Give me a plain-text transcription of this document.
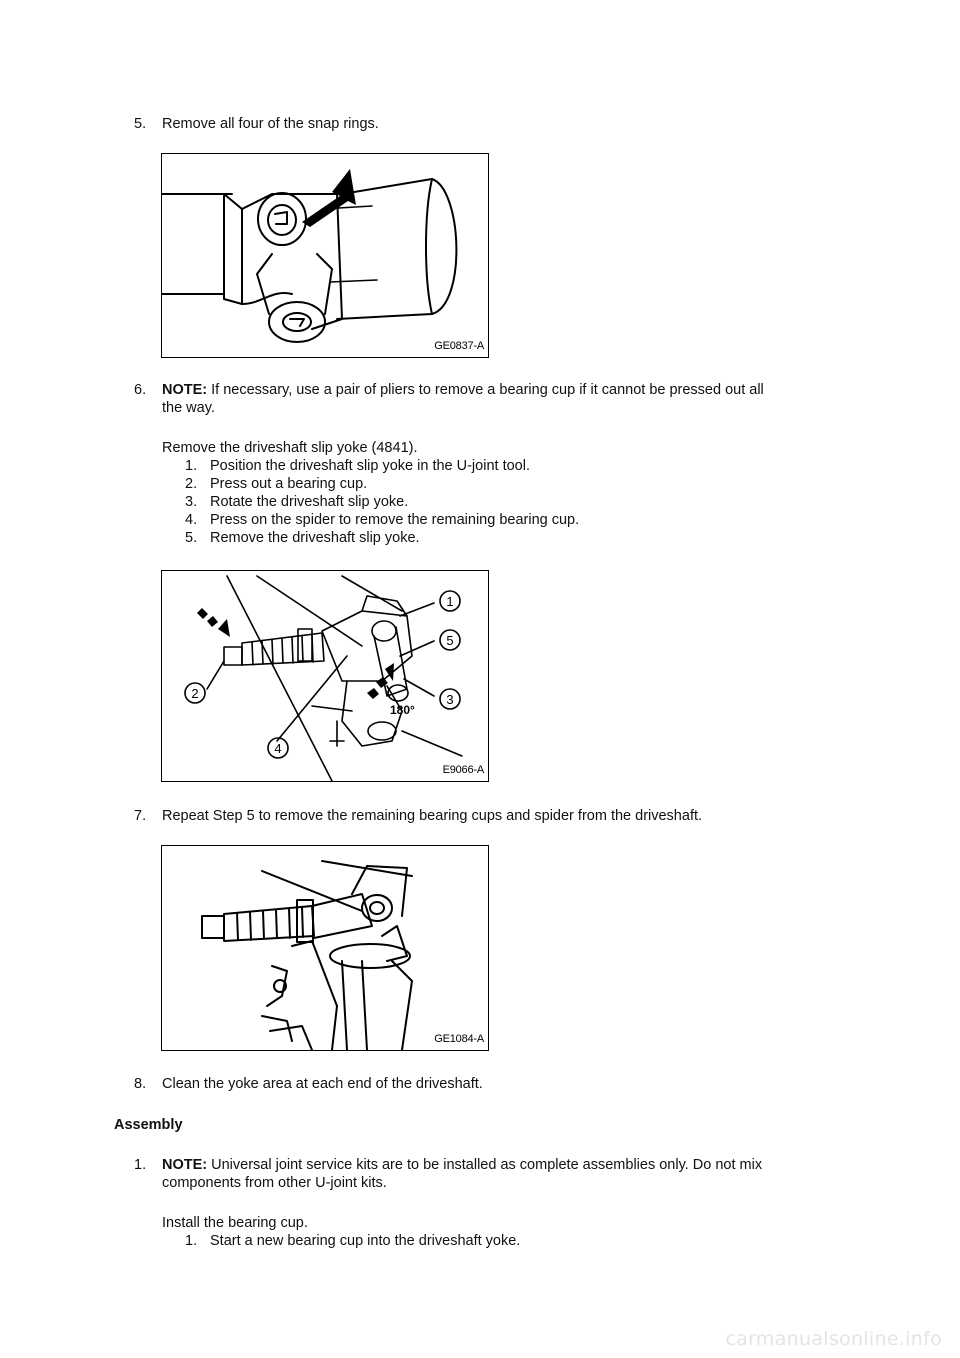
5.	Remove all four of the snap rings.
GE0837-A
6.	NOTE: If necessary, use a pair of pliers to remove a bearing cup if it cannot be pressed out all
the way.
Remove the driveshaft slip yoke (4841).
1. Position the driveshaft slip yoke in the U-joint tool.
2. Press out a bearing cup.
3. Rotate the driveshaft slip yoke.
4. Press on the spider to remove the remaining bearing cup.
5. Remove the driveshaft slip yoke.
1
5
3
2
4
180°
E9066-A
7.	Repeat Step 5 to remove the remaining bearing cups and spider from the driveshaft.
GE1084-A
8.	Clean the yoke area at each end of the driveshaft.
Assembly
1.	NOTE: Universal joint service kits are to be installed as complete assemblies only. Do not mix
components from other U-joint kits.
Install the bearing cup.
1. Start a new bearing cup into the driveshaft yoke.
carmanualsonline.info
